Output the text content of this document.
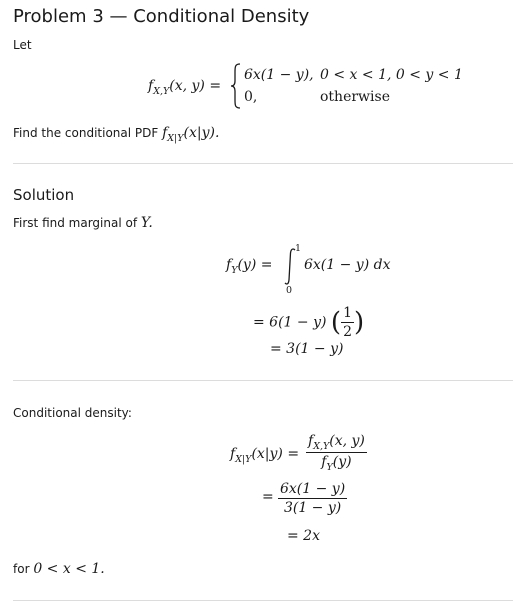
Problem 3 — Conditional Density
Let
$f_{X,Y}(x$, y) =
6x(1 − y), 0 < x < 1, 0 < y < 1
0,	otherwise
Find the conditional PDF $f_{X|Y}(x|y)$.
Solution
First find marginal of Y.
$f_Y(y)$ =
1
0
6x(1 − y) dx
= 6(1 − y) ( $\frac{1}{2}$ )
= 3(1 − y)
Conditional density:
$f_{X|Y}(x|y) = \frac{f_{X,Y}(x, y)}{f_Y(y)}$
= $\frac{6x(1 - y)}{3(1 - y)}$
= 2x
for 0 < x < 1.
